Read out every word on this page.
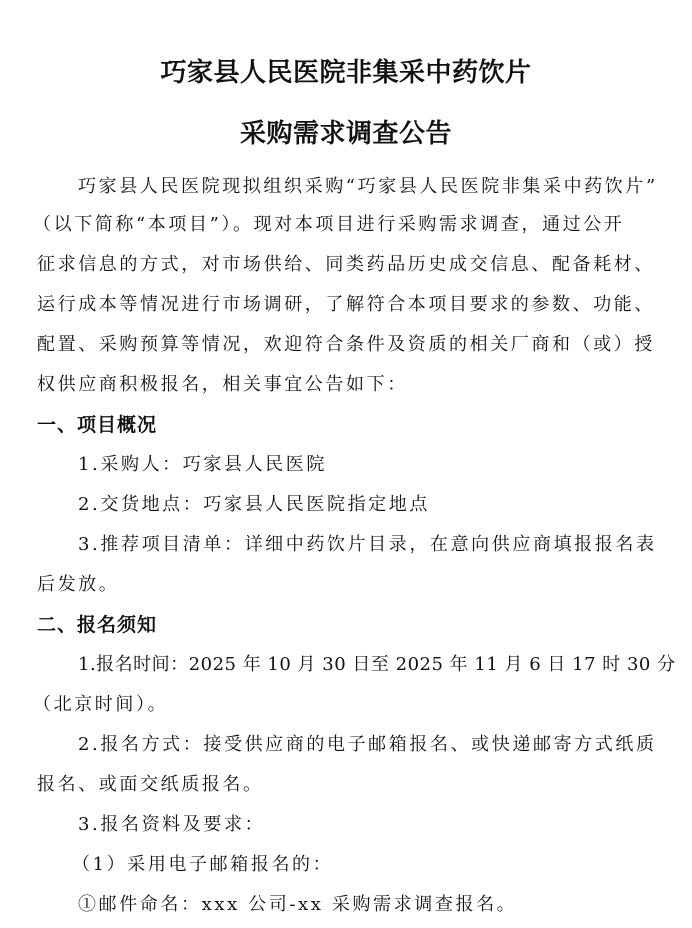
巧家县人民医院非集采中药饮片
采购需求调查公告
巧家县人民医院现拟组织采购“巧家县人民医院非集采中药饮片”
（以下简称“本项目”）。现对本项目进行采购需求调查，通过公开
征求信息的方式，对市场供给、同类药品历史成交信息、配备耗材、
运行成本等情况进行市场调研，了解符合本项目要求的参数、功能、
配置、采购预算等情况，欢迎符合条件及资质的相关厂商和（或）授
权供应商积极报名，相关事宜公告如下：
一、项目概况
1.采购人：巧家县人民医院
2.交货地点：巧家县人民医院指定地点
3.推荐项目清单：详细中药饮片目录，在意向供应商填报报名表
后发放。
二、报名须知
1.报名时间：2025 年 10 月 30 日至 2025 年 11 月 6 日 17 时 30 分
（北京时间）。
2.报名方式：接受供应商的电子邮箱报名、或快递邮寄方式纸质
报名、或面交纸质报名。
3.报名资料及要求：
（1）采用电子邮箱报名的：
①邮件命名：xxx 公司-xx 采购需求调查报名。
